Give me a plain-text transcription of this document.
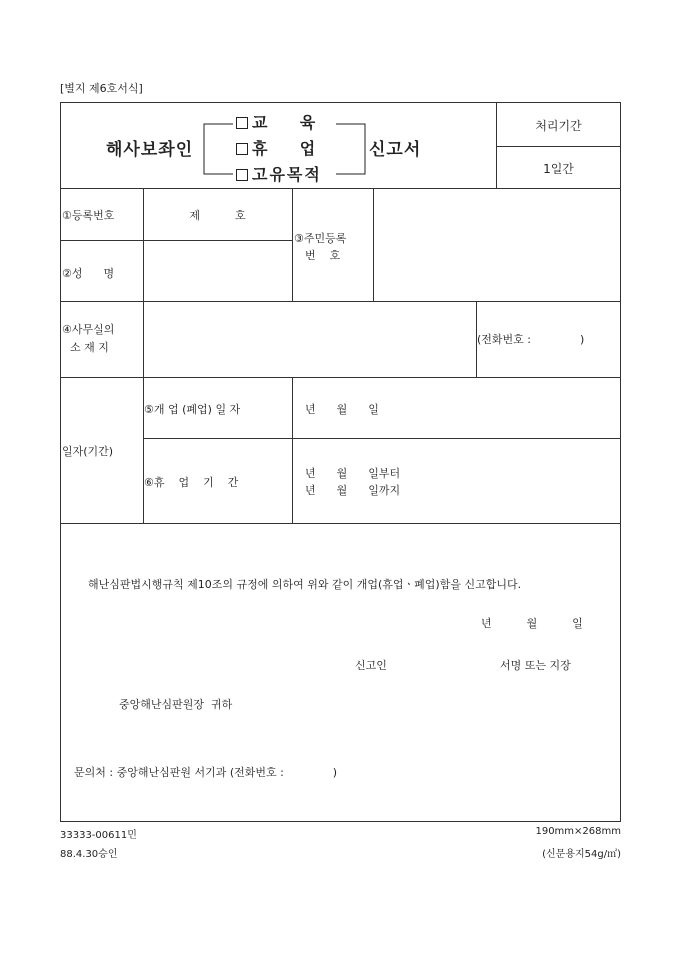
[별지 제6호서식]
해사보좌인
교    육
휴    업
고유목적
신고서
처리기간
1일간
①등록번호	제          호
②성      명
③주민등록
번    호
④사무실의
소 재 지
(전화번호 :              )
일자(기간)
⑤개 업 (폐업) 일 자	년      월      일
⑥휴    업    기    간
년      월      일부터
년      월      일까지
해난심판법시행규칙 제10조의 규정에 의하여 위와 같이 개업(휴업ㆍ폐업)함을 신고합니다.
년          월          일
신고인	서명 또는 지장
중앙해난심판원장  귀하
문의처 : 중앙해난심판원 서기과 (전화번호 :              )
33333-00611민
88.4.30승인
190mm×268mm
(신문용지54g/㎡)
